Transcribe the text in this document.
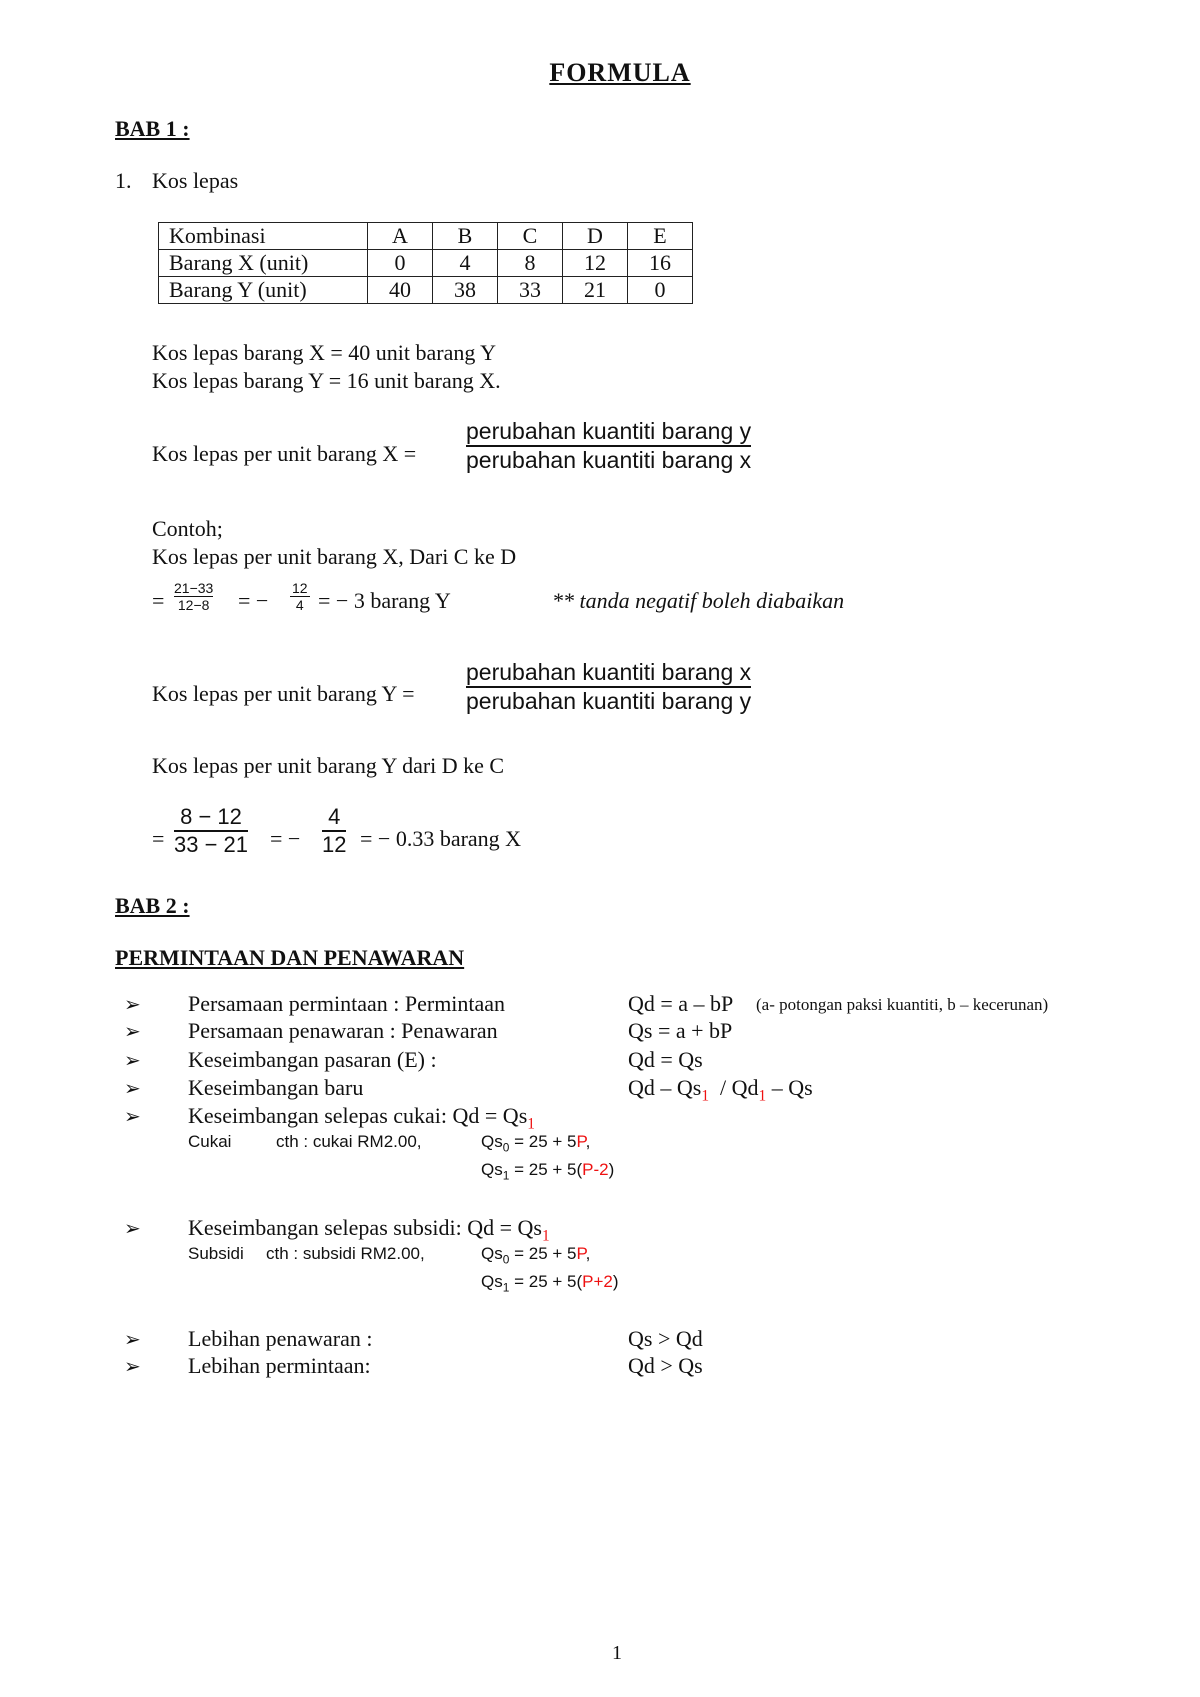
FORMULA
BAB 1 :
1. Kos lepas
Kombinasi	A	B	C	D	E
Barang X (unit)	0	4	8	12	16
Barang Y (unit)	40	38	33	21	0
Kos lepas barang X = 40 unit barang Y
Kos lepas barang Y = 16 unit barang X.
Kos lepas per unit barang X =
perubahan kuantiti barang y
perubahan kuantiti barang x
Contoh;
Kos lepas per unit barang X, Dari C ke D
= 21−33
12−8 = − 12
4 = − 3 barang Y	** tanda negatif boleh diabaikan
Kos lepas per unit barang Y =
perubahan kuantiti barang x
perubahan kuantiti barang y
Kos lepas per unit barang Y dari D ke C
=
8 − 12
33 − 21 = −
4
12 = − 0.33 barang X
BAB 2 :
PERMINTAAN DAN PENAWARAN
➢ Persamaan permintaan : Permintaan	Qd = a – bP (a- potongan paksi kuantiti, b – kecerunan)
➢ Persamaan penawaran : Penawaran	Qs = a + bP
➢ Keseimbangan pasaran (E) :	Qd = Qs
➢ Keseimbangan baru	Qd – $Qs_1 / Qd_1$ – Qs
➢ Keseimbangan selepas cukai: $Qd = Qs_1$
Cukai	cth : cukai RM2.00,	$Qs_0 = 25 + 5P$,
$Qs_1 = 25 + 5(P-2)$
➢ Keseimbangan selepas subsidi: $Qd = Qs_1$
Subsidi cth : subsidi RM2.00,	$Qs_0 = 25 + 5P$,
$Qs_1 = 25 + 5(P+2)$
➢ Lebihan penawaran :	Qs > Qd
➢ Lebihan permintaan:	Qd > Qs
1
